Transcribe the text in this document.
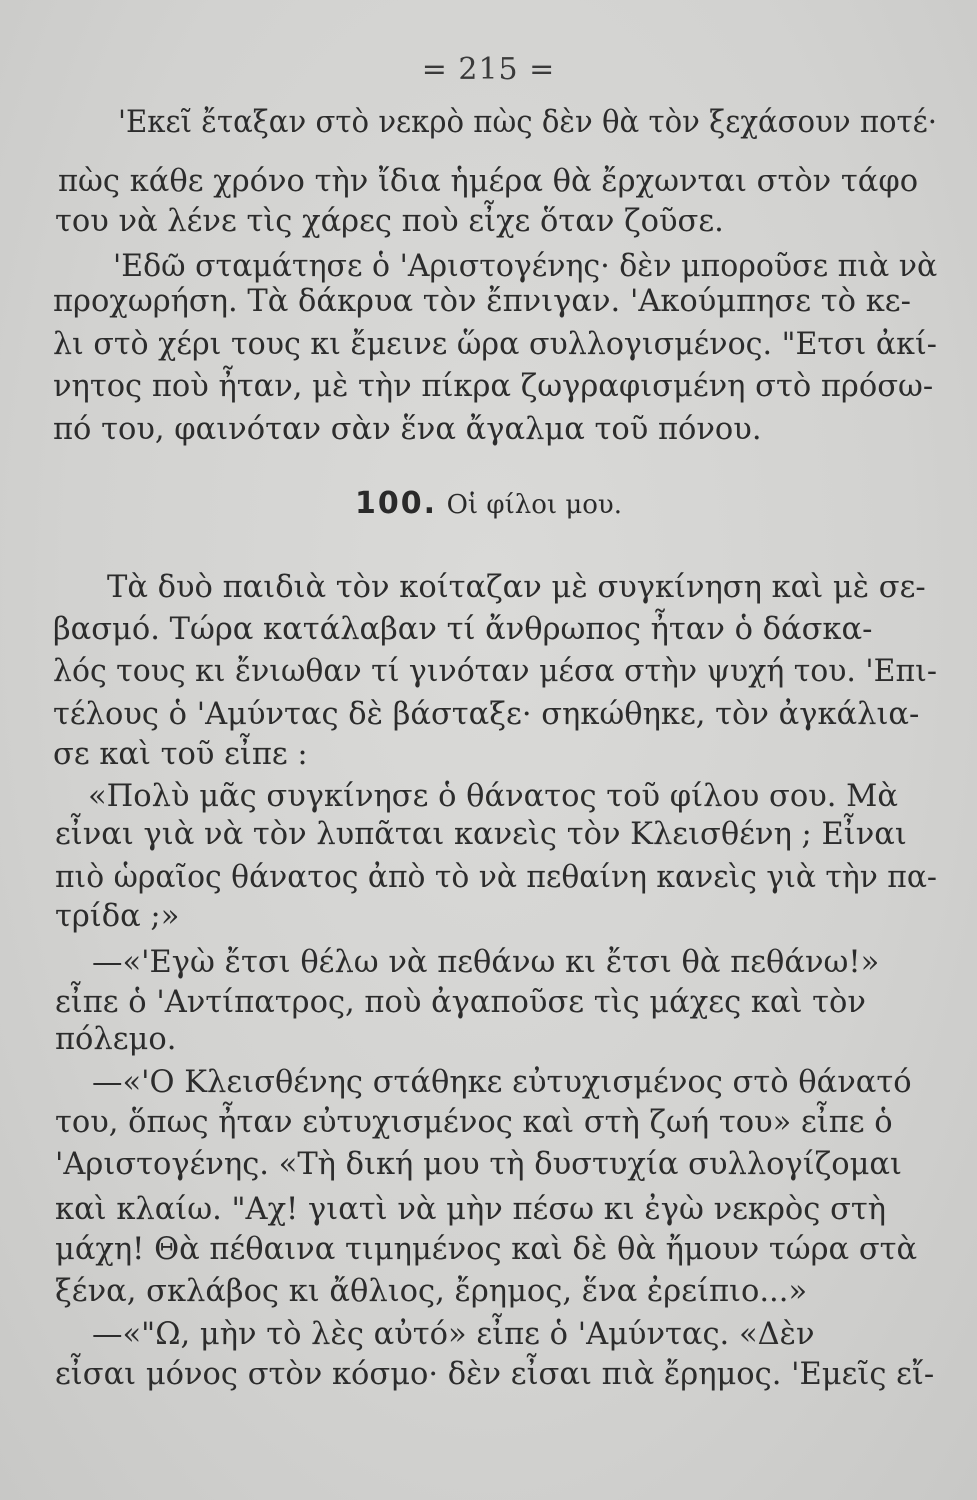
= 215 =
'Εκεῖ ἔταξαν στὸ νεκρὸ πὼς δὲν θὰ τὸν ξεχάσουν ποτέ·
πὼς κάθε χρόνο τὴν ἴδια ἡμέρα θὰ ἔρχωνται στὸν τάφο
του νὰ λένε τὶς χάρες ποὺ εἶχε ὅταν ζοῦσε.
'Εδῶ σταμάτησε ὁ 'Αριστογένης· δὲν μποροῦσε πιὰ νὰ
προχωρήση. Τὰ δάκρυα τὸν ἔπνιγαν. 'Ακούμπησε τὸ κε-
λι στὸ χέρι τους κι ἔμεινε ὥρα συλλογισμένος. "Ετσι ἀκί-
νητος ποὺ ἦταν, μὲ τὴν πίκρα ζωγραφισμένη στὸ πρόσω-
πό του, φαινόταν σὰν ἕνα ἄγαλμα τοῦ πόνου.
100. Οἱ φίλοι μου.
Τὰ δυὸ παιδιὰ τὸν κοίταζαν μὲ συγκίνηση καὶ μὲ σε-
βασμό. Τώρα κατάλαβαν τί ἄνθρωπος ἦταν ὁ δάσκα-
λός τους κι ἔνιωθαν τί γινόταν μέσα στὴν ψυχή του. 'Επι-
τέλους ὁ 'Αμύντας δὲ βάσταξε· σηκώθηκε, τὸν ἀγκάλια-
σε καὶ τοῦ εἶπε :
«Πολὺ μᾶς συγκίνησε ὁ θάνατος τοῦ φίλου σου. Μὰ
εἶναι γιὰ νὰ τὸν λυπᾶται κανεὶς τὸν Κλεισθένη ; Εἶναι
πιὸ ὡραῖος θάνατος ἀπὸ τὸ νὰ πεθαίνη κανεὶς γιὰ τὴν πα-
τρίδα ;»
—«'Εγὼ ἔτσι θέλω νὰ πεθάνω κι ἔτσι θὰ πεθάνω!»
εἶπε ὁ 'Αντίπατρος, ποὺ ἀγαποῦσε τὶς μάχες καὶ τὸν
πόλεμο.
—«'Ο Κλεισθένης στάθηκε εὐτυχισμένος στὸ θάνατό
του, ὅπως ἦταν εὐτυχισμένος καὶ στὴ ζωή του» εἶπε ὁ
'Αριστογένης. «Τὴ δική μου τὴ δυστυχία συλλογίζομαι
καὶ κλαίω. "Αχ! γιατὶ νὰ μὴν πέσω κι ἐγὼ νεκρὸς στὴ
μάχη! Θὰ πέθαινα τιμημένος καὶ δὲ θὰ ἤμουν τώρα στὰ
ξένα, σκλάβος κι ἄθλιος, ἔρημος, ἕνα ἐρείπιο...»
—«"Ω, μὴν τὸ λὲς αὐτό» εἶπε ὁ 'Αμύντας. «Δὲν
εἶσαι μόνος στὸν κόσμο· δὲν εἶσαι πιὰ ἔρημος. 'Εμεῖς εἴ-
